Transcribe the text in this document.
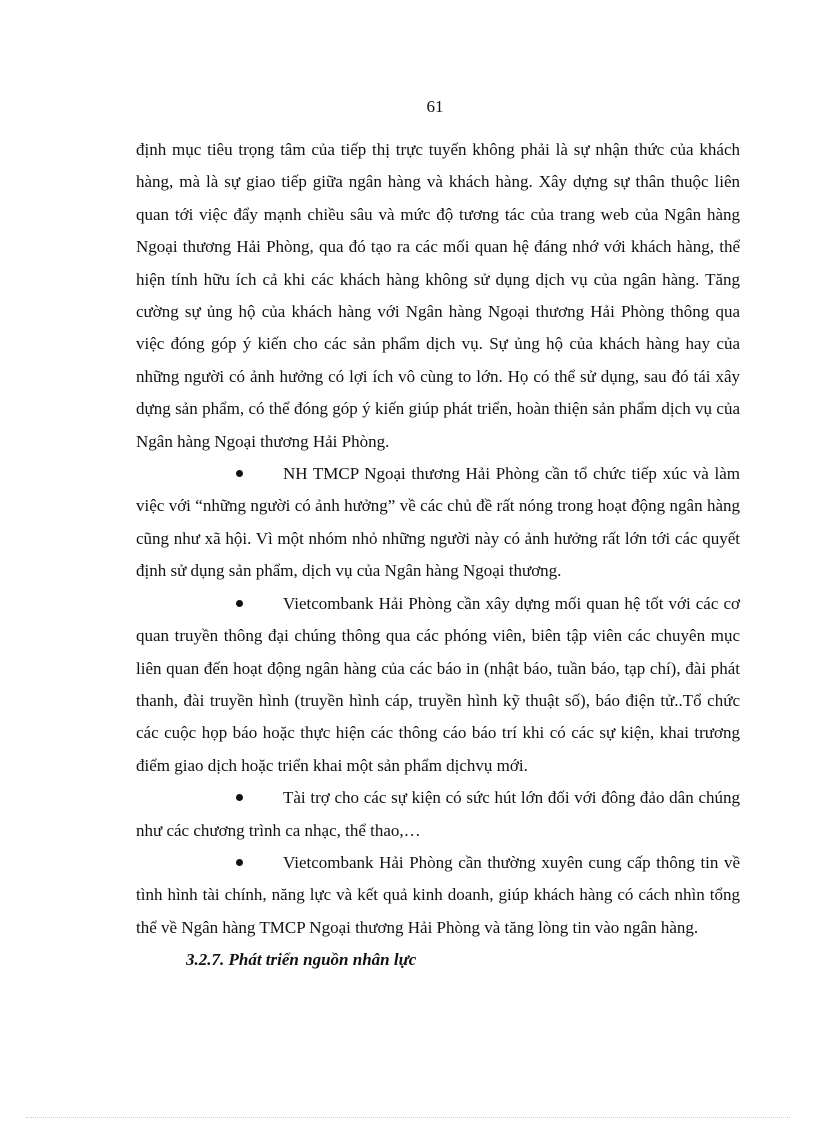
61

định mục tiêu trọng tâm của tiếp thị trực tuyến không phải là sự nhận thức của khách hàng, mà là sự giao tiếp giữa ngân hàng và khách hàng. Xây dựng sự thân thuộc liên quan tới việc đẩy mạnh chiều sâu và mức độ tương tác của trang web của Ngân hàng Ngoại thương Hải Phòng, qua đó tạo ra các mối quan hệ đáng nhớ với khách hàng, thể hiện tính hữu ích cả khi các khách hàng không sử dụng dịch vụ của ngân hàng. Tăng cường sự ủng hộ của khách hàng với Ngân hàng Ngoại thương Hải Phòng thông qua việc đóng góp ý kiến cho các sản phẩm dịch vụ. Sự ủng hộ của khách hàng hay của những người có ảnh hưởng có lợi ích vô cùng to lớn. Họ có thể sử dụng, sau đó tái xây dựng sản phẩm, có thể đóng góp ý kiến giúp phát triển, hoàn thiện sản phẩm dịch vụ của Ngân hàng Ngoại thương Hải Phòng.

NH TMCP Ngoại thương Hải Phòng cần tổ chức tiếp xúc và làm việc với “những người có ảnh hưởng” về các chủ đề rất nóng trong hoạt động ngân hàng cũng như xã hội. Vì một nhóm nhỏ những người này có ảnh hưởng rất lớn tới các quyết định sử dụng sản phẩm, dịch vụ của Ngân hàng Ngoại thương.

Vietcombank Hải Phòng cần xây dựng mối quan hệ tốt với các cơ quan truyền thông đại chúng thông qua các phóng viên, biên tập viên các chuyên mục liên quan đến hoạt động ngân hàng của các báo in (nhật báo, tuần báo, tạp chí), đài phát thanh, đài truyền hình (truyền hình cáp, truyền hình kỹ thuật số), báo điện tử..Tổ chức các cuộc họp báo hoặc thực hiện các thông cáo báo trí khi có các sự kiện, khai trương điểm giao dịch hoặc triển khai một sản phẩm dịchvụ mới.

Tài trợ cho các sự kiện có sức hút lớn đối với đông đảo dân chúng như các chương trình ca nhạc, thể thao,…

Vietcombank Hải Phòng cần thường xuyên cung cấp thông tin về tình hình tài chính, năng lực và kết quả kinh doanh, giúp khách hàng có cách nhìn tổng thể về Ngân hàng TMCP Ngoại thương Hải Phòng và tăng lòng tin vào ngân hàng.

3.2.7. Phát triển nguồn nhân lực
